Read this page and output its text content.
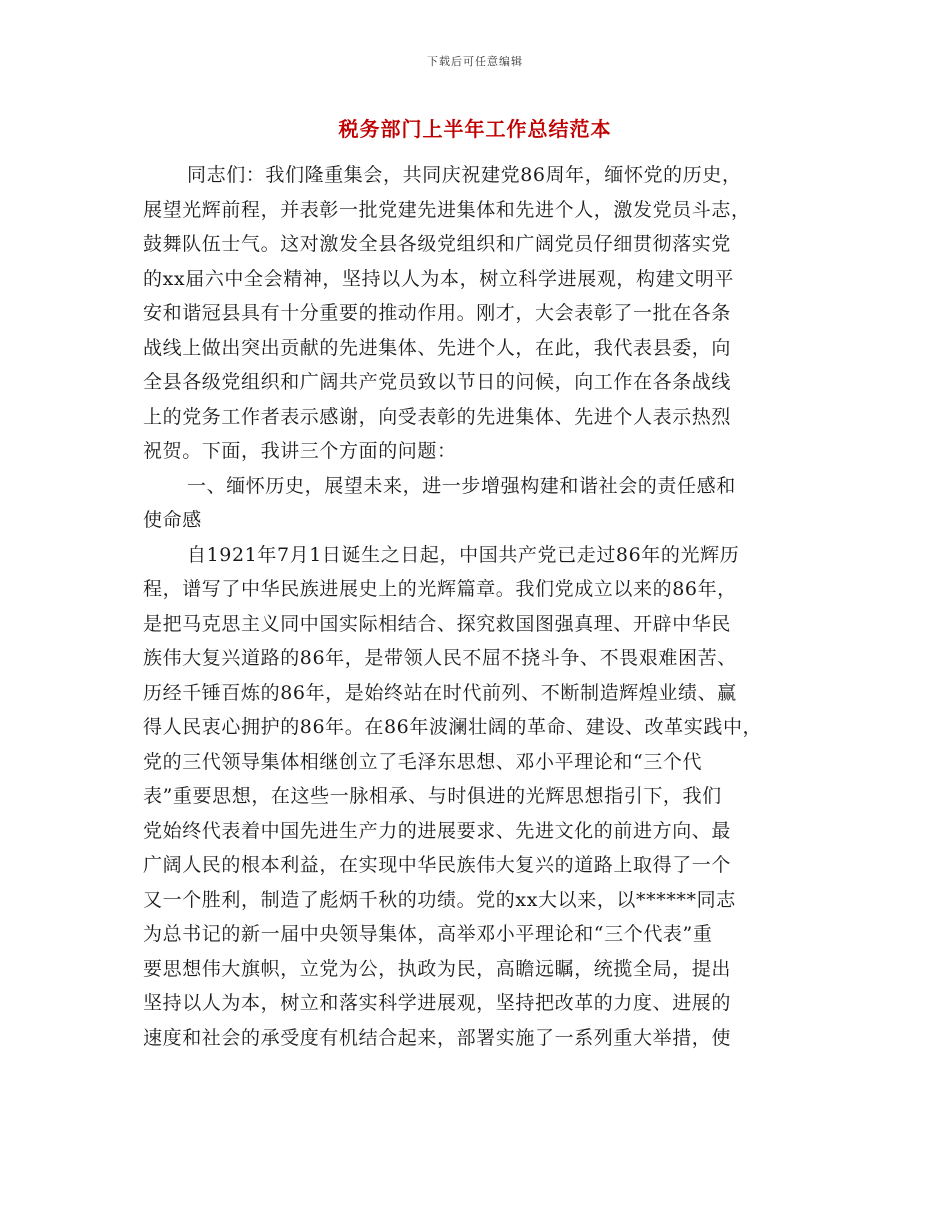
下载后可任意编辑
税务部门上半年工作总结范本
同志们：我们隆重集会，共同庆祝建党86周年，缅怀党的历史，
展望光辉前程，并表彰一批党建先进集体和先进个人，激发党员斗志，
鼓舞队伍士气。这对激发全县各级党组织和广阔党员仔细贯彻落实党
的xx届六中全会精神，坚持以人为本，树立科学进展观，构建文明平
安和谐冠县具有十分重要的推动作用。刚才，大会表彰了一批在各条
战线上做出突出贡献的先进集体、先进个人，在此，我代表县委，向
全县各级党组织和广阔共产党员致以节日的问候，向工作在各条战线
上的党务工作者表示感谢，向受表彰的先进集体、先进个人表示热烈
祝贺。下面，我讲三个方面的问题：
一、缅怀历史，展望未来，进一步增强构建和谐社会的责任感和
使命感
自1921年7月1日诞生之日起，中国共产党已走过86年的光辉历
程，谱写了中华民族进展史上的光辉篇章。我们党成立以来的86年，
是把马克思主义同中国实际相结合、探究救国图强真理、开辟中华民
族伟大复兴道路的86年，是带领人民不屈不挠斗争、不畏艰难困苦、
历经千锤百炼的86年，是始终站在时代前列、不断制造辉煌业绩、赢
得人民衷心拥护的86年。在86年波澜壮阔的革命、建设、改革实践中，
党的三代领导集体相继创立了毛泽东思想、邓小平理论和“三个代
表”重要思想，在这些一脉相承、与时俱进的光辉思想指引下，我们
党始终代表着中国先进生产力的进展要求、先进文化的前进方向、最
广阔人民的根本利益，在实现中华民族伟大复兴的道路上取得了一个
又一个胜利，制造了彪炳千秋的功绩。党的xx大以来，以******同志
为总书记的新一届中央领导集体，高举邓小平理论和“三个代表”重
要思想伟大旗帜，立党为公，执政为民，高瞻远瞩，统揽全局，提出
坚持以人为本，树立和落实科学进展观，坚持把改革的力度、进展的
速度和社会的承受度有机结合起来，部署实施了一系列重大举措，使
